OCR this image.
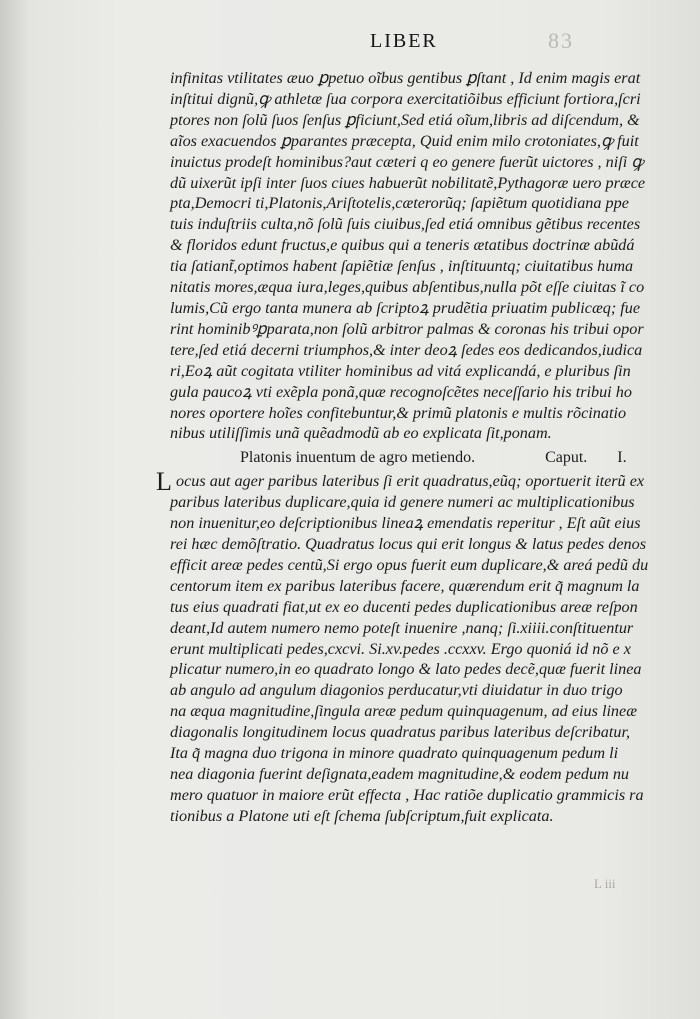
83
LIBER
infinitas vtilitates æuo ꝑpetuo oĩbus gentibus ꝑſtant , Id enim magis erat
inſtitui dignũ,ꝙ athletæ ſua corpora exercitatiõibus efficiunt fortiora,ſcri
ptores non ſolũ ſuos ſenſus ꝑficiunt,Sed etiá oĩum,libris ad diſcendum, &
aĩos exacuendos ꝑparantes præcepta, Quid enim milo crotoniates,ꝙ fuit
inuictus prodeſt hominibus?aut cæteri q eo genere fuerũt uictores , niſi ꝙ
dũ uixerũt ipſi inter ſuos ciues habuerũt nobilitatẽ,Pythagoræ uero præce
pta,Democri ti,Platonis,Ariſtotelis,cæterorũq; ſapiẽtum quotidiana ppe
tuis induſtriis culta,nõ ſolũ ſuis ciuibus,ſed etiá omnibus gẽtibus recentes
& floridos edunt fructus,e quibus qui a teneris ætatibus doctrinæ abũdá
tia ſatiant̃,optimos habent ſapiẽtiæ ſenſus , inſtituuntq; ciuitatibus huma
nitatis mores,æqua iura,leges,quibus abſentibus,nulla põt eſſe ciuitas ĩ co
lumis,Cũ ergo tanta munera ab ſcriptoꝝ prudẽtia priuatim publicæq; fue
rint hominibꝰꝑparata,non ſolũ arbitror palmas & coronas his tribui opor
tere,ſed etiá decerni triumphos,& inter deoꝝ ſedes eos dedicandos,iudica
ri,Eoꝝ aũt cogitata vtiliter hominibus ad vitá explicandá, e pluribus ſin
gula paucoꝝ vti exẽpla ponã,quæ recognoſcẽtes neceſſario his tribui ho
nores oportere hoĩes confitebuntur,& primũ platonis e multis rõcinatio
nibus utiliſſimis unã quẽadmodũ ab eo explicata ſit,ponam.
Platonis inuentum de agro metiendo.	Caput. I.
L ocus aut ager paribus lateribus ſi erit quadratus,eũq; oportuerit iterũ ex
paribus lateribus duplicare,quia id genere numeri ac multiplicationibus
non inuenitur,eo deſcriptionibus lineaꝝ emendatis reperitur , Eſt aũt eius
rei hæc demõſtratio. Quadratus locus qui erit longus & latus pedes denos
efficit areæ pedes centũ,Si ergo opus fuerit eum duplicare,& areá pedũ du
centorum item ex paribus lateribus facere, quærendum erit q̃ magnum la
tus eius quadrati fiat,ut ex eo ducenti pedes duplicationibus areæ reſpon
deant,Id autem numero nemo poteſt inuenire ,nanq; ſi.xiiii.conſtituentur
erunt multiplicati pedes,cxcvi. Si.xv.pedes .ccxxv. Ergo quoniá id nõ e x
plicatur numero,in eo quadrato longo & lato pedes decẽ,quæ fuerit linea
ab angulo ad angulum diagonios perducatur,vti diuidatur in duo trigo
na æqua magnitudine,ſingula areæ pedum quinquagenum, ad eius lineæ
diagonalis longitudinem locus quadratus paribus lateribus deſcribatur,
Ita q̃ magna duo trigona in minore quadrato quinquagenum pedum li
nea diagonia fuerint deſignata,eadem magnitudine,& eodem pedum nu
mero quatuor in maiore erũt effecta , Hac ratiõe duplicatio grammicis ra
tionibus a Platone uti eſt ſchema ſubſcriptum,fuit explicata.
L iii
